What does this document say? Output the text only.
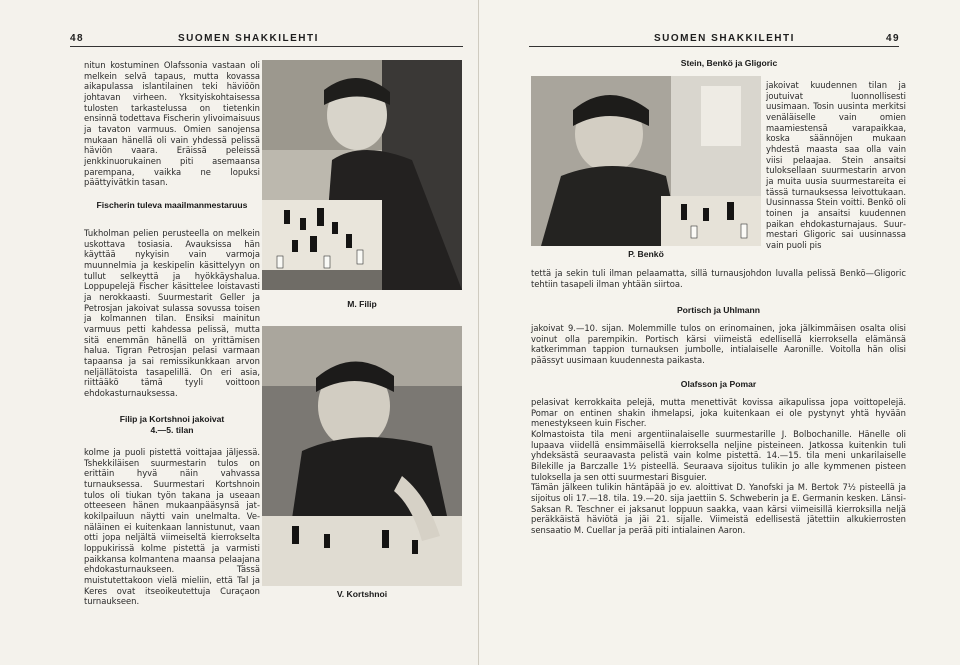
48	SUOMEN SHAKKILEHTI

nitun kostuminen Olafssonia vastaan oli melkein selvä tapaus, mutta kovassa aikapulassa islantilainen teki häviöön johtavan virheen. Yksityiskohtaisessa tulosten tarkastelussa on tietenkin ensinnä todettava Fischerin ylivoimaisuus ja tavaton varmuus. Omien sanojensa mukaan hänellä oli vain yhdessä pelissä häviön vaara. Eräissä peleissä jenkkinuorukainen piti asemaansa parempana, vaikka ne lopuksi päättyivätkin tasan.

Fischerin tuleva maailmanmestaruus

Tukholman pelien perusteella on melkein uskottava tosiasia. Avauksissa hän käyttää nykyisin vain varmoja muunnelmia ja keskipelin käsittelyyn on tullut selkeyttä ja hyökkäyshalua. Loppupelejä Fischer käsittelee loistavasti ja nerokkaasti. Suurmestarit Geller ja Petrosjan jakoivat sulassa sovussa toisen ja kolmannen tilan. Ensiksi mainitun varmuus petti kahdessa pelissä, mutta sitä enemmän hänellä on yrittämisen halua. Tigran Petrosjan pelasi varmaan tapaansa ja sai remissikunkkaan arvon neljällätoista tasapelillä. On eri asia, riittääkö tämä tyyli voittoon ehdokasturnauksessa.

Filip ja Kortshnoi jakoivat
4.—5. tilan

kolme ja puoli pistettä voittajaa jäljessä. Tshekkiläisen suurmestarin tulos on erittäin hyvä näin vahvassa turnauksessa. Suurmestari Kortshnoin tulos oli tiukan työn takana ja useaan otteeseen hänen mukaanpääsynsä jatkokilpailuun näytti vain unelmalta. Venäläinen ei kuitenkaan lannistunut, vaan otti jopa neljältä viimeiseltä kierrokselta loppukirissä kolme pistettä ja varmisti paikkansa kolmantena maansa pelaajana ehdokasturnaukseen. Tässä muistutettakoon vielä mieliin, että Tal ja Keres ovat itseoikeutettuja Curaçaon turnaukseen.

M. Filip
V. Kortshnoi
SUOMEN SHAKKILEHTI	49
Stein, Benkö ja Gligoric
P. Benkö

jakoivat kuudennen tilan ja joutuivat luonnollisesti uusimaan. Tosin uusinta merkitsi venäläiselle vain omien maamiestensä varapaikkaa, koska säännöjen mukaan yhdestä maasta saa olla vain viisi pelaajaa. Stein ansaitsi tuloksellaan suurmestarin arvon ja muita uusia suurmestareita ei tässä turnauksessa leivottukaan. Uusinnassa Stein voitti. Benkö oli toinen ja ansaitsi kuudennen paikan ehdokasturnajaus. Suurmestari Gligoric sai uusinnassa vain puoli pis

tettä ja sekin tuli ilman pelaamatta, sillä turnausjohdon luvalla pelissä Benkö—Gligoric tehtiin tasapeli ilman yhtään siirtoa.

Portisch ja Uhlmann

jakoivat 9.—10. sijan. Molemmille tulos on erinomainen, joka jälkimmäisen osalta olisi voinut olla parempikin. Portisch kärsi viimeistä edellisellä kierroksella elämänsä katkerimman tappion turnauksen jumbolle, intialaiselle Aaronille. Voitolla hän olisi päässyt uusimaan kuudennesta paikasta.

Olafsson ja Pomar

pelasivat kerrokkaita pelejä, mutta menettivät kovissa aikapulissa jopa voittopelejä. Pomar on entinen shakin ihmelapsi, joka kuitenkaan ei ole pystynyt yhtä hyvään menestykseen kuin Fischer.

Kolmastoista tila meni argentiinalaiselle suurmestarille J. Bolbochanille. Hänelle oli lupaava viidellä ensimmäisellä kierroksella neljine pisteineen. Jatkossa kuitenkin tuli yhdeksästä seuraavasta pelistä vain kolme pistettä. 14.—15. tila meni unkarilaiselle Bilekille ja Barczalle 1½ pisteellä. Seuraava sijoitus tulikin jo alle kymmenen pisteen tuloksella ja sen otti suurmestari Bisguier.

Tämän jälkeen tulikin häntäpää jo ev. aloittivat D. Yanofski ja M. Bertok 7½ pisteellä ja sijoitus oli 17.—18. tila. 19.—20. sija jaettiin S. Schweberin ja E. Germanin kesken. Länsi-Saksan R. Teschner ei jaksanut loppuun saakka, vaan kärsi viimeisillä kierroksilla neljä peräkkäistä häviötä ja jäi 21. sijalle. Viimeistä edellisestä jätettiin alkukierrosten sensaatio M. Cuellar ja perää piti intialainen Aaron.
